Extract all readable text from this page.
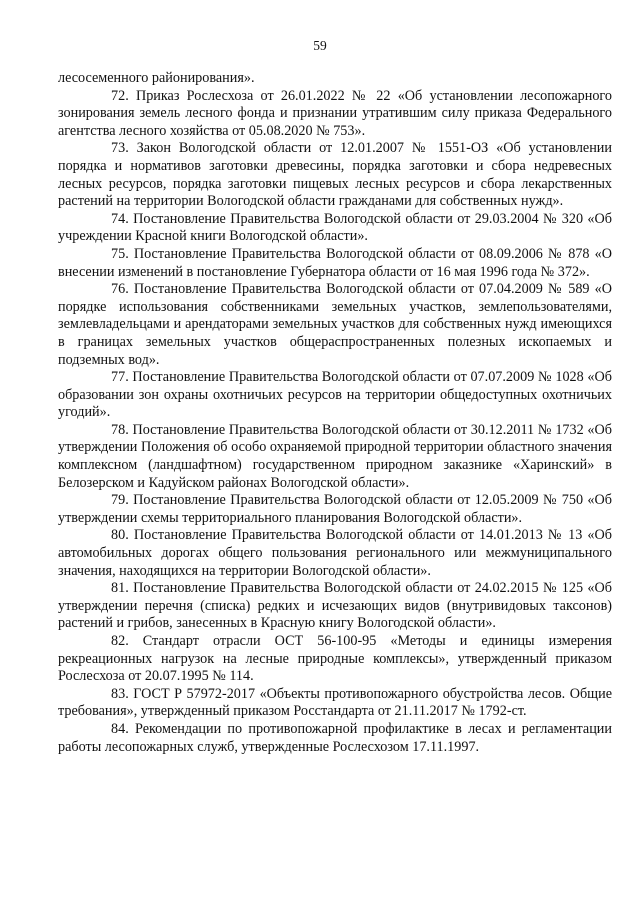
59

лесосеменного районирования».

72. Приказ Рослесхоза от 26.01.2022 № 22 «Об установлении лесопожарного зонирования земель лесного фонда и признании утратившим силу приказа Федерального агентства лесного хозяйства от 05.08.2020 № 753».

73. Закон Вологодской области от 12.01.2007 № 1551-ОЗ «Об установлении порядка и нормативов заготовки древесины, порядка заготовки и сбора недревесных лесных ресурсов, порядка заготовки пищевых лесных ресурсов и сбора лекарственных растений на территории Вологодской области гражданами для собственных нужд».

74. Постановление Правительства Вологодской области от 29.03.2004 № 320 «Об учреждении Красной книги Вологодской области».

75. Постановление Правительства Вологодской области от 08.09.2006 № 878 «О внесении изменений в постановление Губернатора области от 16 мая 1996 года № 372».

76. Постановление Правительства Вологодской области от 07.04.2009 № 589 «О порядке использования собственниками земельных участков, землепользователями, землевладельцами и арендаторами земельных участков для собственных нужд имеющихся в границах земельных участков общераспространенных полезных ископаемых и подземных вод».

77. Постановление Правительства Вологодской области от 07.07.2009 № 1028 «Об образовании зон охраны охотничьих ресурсов на территории общедоступных охотничьих угодий».

78. Постановление Правительства Вологодской области от 30.12.2011 № 1732 «Об утверждении Положения об особо охраняемой природной территории областного значения комплексном (ландшафтном) государственном природном заказнике «Харинский» в Белозерском и Кадуйском районах Вологодской области».

79. Постановление Правительства Вологодской области от 12.05.2009 № 750 «Об утверждении схемы территориального планирования Вологодской области».

80. Постановление Правительства Вологодской области от 14.01.2013 № 13 «Об автомобильных дорогах общего пользования регионального или межмуниципального значения, находящихся на территории Вологодской области».

81. Постановление Правительства Вологодской области от 24.02.2015 № 125 «Об утверждении перечня (списка) редких и исчезающих видов (внутривидовых таксонов) растений и грибов, занесенных в Красную книгу Вологодской области».

82. Стандарт отрасли ОСТ 56-100-95 «Методы и единицы измерения рекреационных нагрузок на лесные природные комплексы», утвержденный приказом Рослесхоза от 20.07.1995 № 114.

83. ГОСТ Р 57972-2017 «Объекты противопожарного обустройства лесов. Общие требования», утвержденный приказом Росстандарта от 21.11.2017 № 1792-ст.

84. Рекомендации по противопожарной профилактике в лесах и регламентации работы лесопожарных служб, утвержденные Рослесхозом 17.11.1997.
